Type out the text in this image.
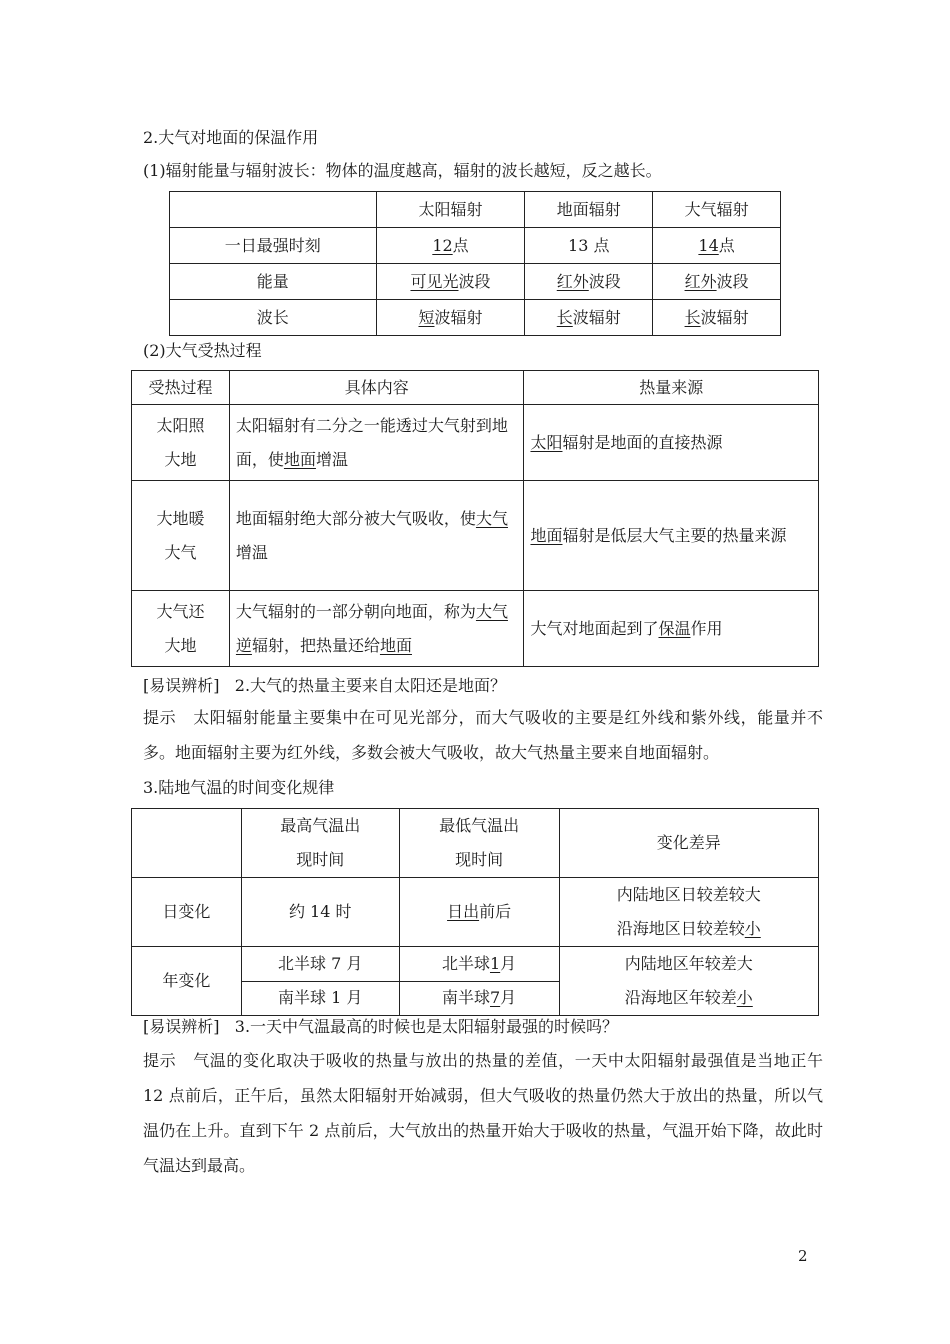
2.大气对地面的保温作用
(1)辐射能量与辐射波长：物体的温度越高，辐射的波长越短，反之越长。
	太阳辐射	地面辐射	大气辐射
一日最强时刻	12点	13 点	14点
能量	可见光波段	红外波段	红外波段
波长	短波辐射	长波辐射	长波辐射
(2)大气受热过程
受热过程	具体内容	热量来源
太阳照大地	太阳辐射有二分之一能透过大气射到地面，使地面增温	太阳辐射是地面的直接热源
大地暖大气	地面辐射绝大部分被大气吸收，使大气增温	地面辐射是低层大气主要的热量来源
大气还大地	大气辐射的一部分朝向地面，称为大气逆辐射，把热量还给地面	大气对地面起到了保温作用
[易误辨析] 2.大气的热量主要来自太阳还是地面？
提示 太阳辐射能量主要集中在可见光部分，而大气吸收的主要是红外线和紫外线，能量并不多。地面辐射主要为红外线，多数会被大气吸收，故大气热量主要来自地面辐射。
3.陆地气温的时间变化规律
	最高气温出现时间	最低气温出现时间	变化差异
日变化	约 14 时	日出前后	内陆地区日较差较大
沿海地区日较差较小

年变化	北半球 7 月	北半球1月	内陆地区年较差大
沿海地区年较差小

	南半球 1 月	南半球7月	
[易误辨析] 3.一天中气温最高的时候也是太阳辐射最强的时候吗？
提示 气温的变化取决于吸收的热量与放出的热量的差值，一天中太阳辐射最强值是当地正午 12 点前后，正午后，虽然太阳辐射开始减弱，但大气吸收的热量仍然大于放出的热量，所以气温仍在上升。直到下午 2 点前后，大气放出的热量开始大于吸收的热量，气温开始下降，故此时气温达到最高。
2
